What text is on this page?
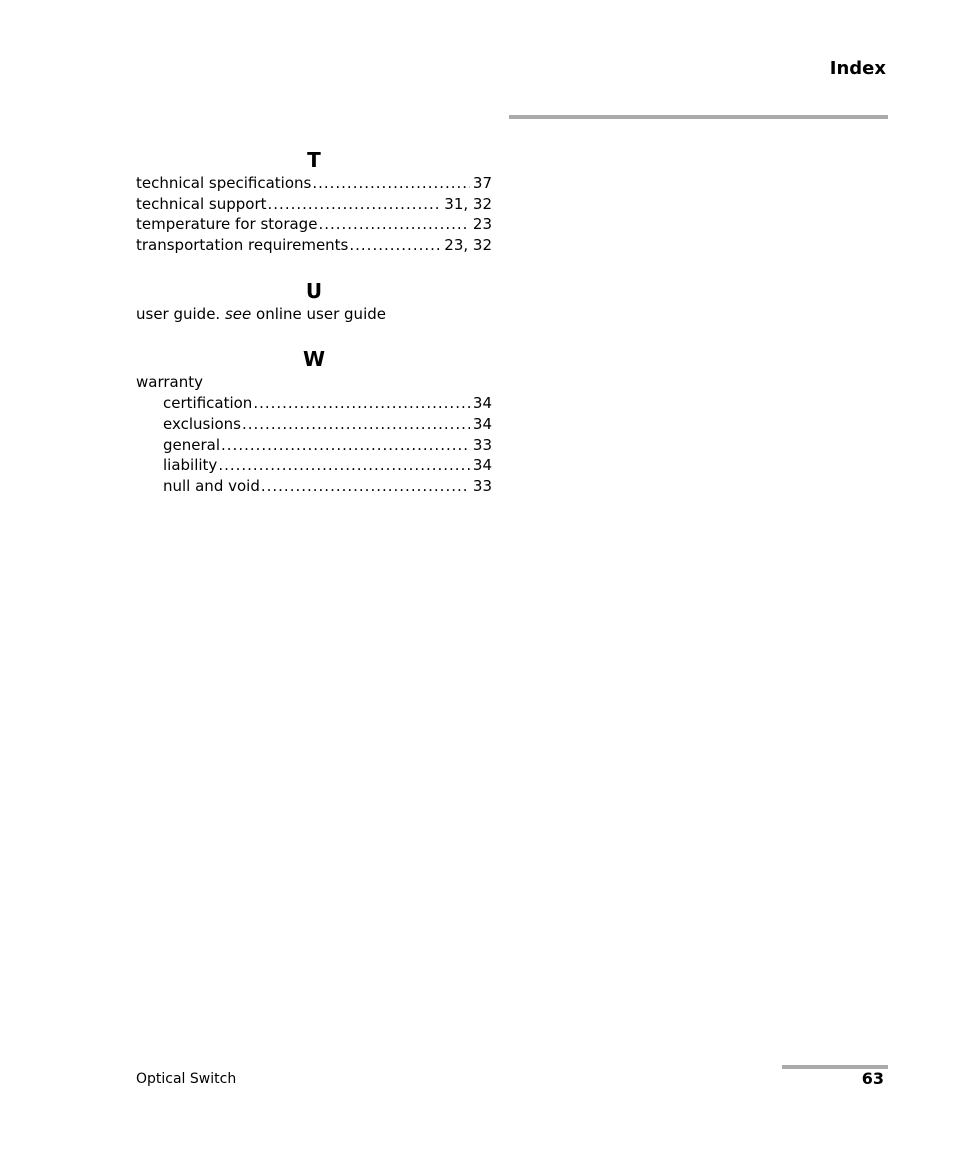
Index
T
technical specifications .....	37
technical support .....	31, 32
temperature for storage .....	23
transportation requirements .....	23, 32
U
user guide. see online user guide
W
warranty
certification .....	34
exclusions .....	34
general .....	33
liability .....	34
null and void .....	33
Optical Switch	63
